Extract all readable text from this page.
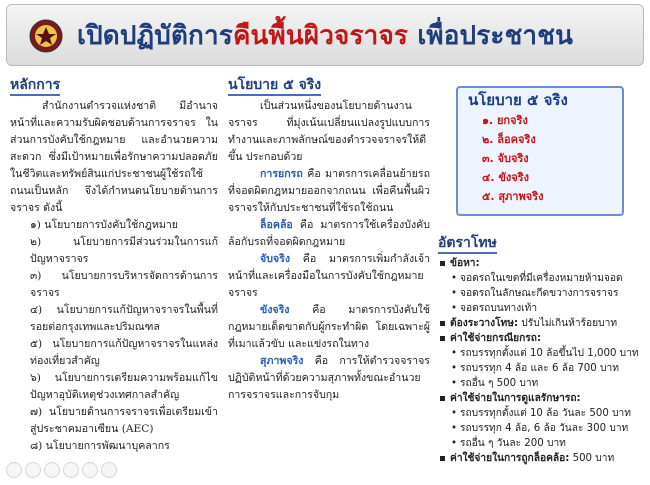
เปิดปฏิบัติการคืนพื้นผิวจราจร เพื่อประชาชน
หลักการ
สำนักงานตำรวจแห่งชาติ มีอำนาจหน้าที่และความรับผิดชอบด้านการจราจร ในส่วนการบังคับใช้กฎหมาย และอำนวยความสะดวก ซึ่งมีเป้าหมายเพื่อรักษาความปลอดภัยในชีวิตและทรัพย์สินแก่ประชาชนผู้ใช้รถใช้ถนนเป็นหลัก จึงได้กำหนดนโยบายด้านการจราจร ดังนี้
๑) นโยบายการบังคับใช้กฎหมาย
๒) นโยบายการมีส่วนร่วมในการแก้ปัญหาจราจร
๓) นโยบายการบริหารจัดการด้านการจราจร
๔) นโยบายการแก้ปัญหาจราจรในพื้นที่รอยต่อกรุงเทพและปริมณฑล
๕) นโยบายการแก้ปัญหาจราจรในแหล่งท่องเที่ยวสำคัญ
๖) นโยบายการเตรียมความพร้อมแก้ไขปัญหาอุบัติเหตุช่วงเทศกาลสำคัญ
๗) นโยบายด้านการจราจรเพื่อเตรียมเข้าสู่ประชาคมอาเซียน (AEC)
๘) นโยบายการพัฒนาบุคลากร
นโยบาย ๕ จริง
เป็นส่วนหนึ่งของนโยบายด้านงานจราจร ที่มุ่งเน้นเปลี่ยนแปลงรูปแบบการทำงานและภาพลักษณ์ของตำรวจจราจรให้ดีขึ้น ประกอบด้วย
การยกรถ คือ มาตรการเคลื่อนย้ายรถที่จอดผิดกฎหมายออกจากถนน เพื่อคืนพื้นผิวจราจรให้กับประชาชนที่ใช้รถใช้ถนน
ล็อคล้อ คือ มาตรการใช้เครื่องบังคับล้อกับรถที่จอดผิดกฎหมาย
จับจริง คือ มาตรการเพิ่มกำลังเจ้าหน้าที่และเครื่องมือในการบังคับใช้กฎหมายจราจร
ขังจริง คือ มาตรการบังคับใช้กฎหมายเด็ดขาดกับผู้กระทำผิด โดยเฉพาะผู้ที่เมาแล้วขับ และแข่งรถในทาง
สุภาพจริง คือ การให้ตำรวจจราจรปฏิบัติหน้าที่ด้วยความสุภาพทั้งขณะอำนวยการจราจรและการจับกุม
นโยบาย ๕ จริง
๑. ยกจริง
๒. ล็อคจริง
๓. จับจริง
๔. ขังจริง
๕. สุภาพจริง
อัตราโทษ
ข้อหา:
• จอดรถในเขตที่มีเครื่องหมายห้ามจอด
• จอดรถในลักษณะกีดขวางการจราจร
• จอดรถบนทางเท้า
ต้องระวางโทษ: ปรับไม่เกินห้าร้อยบาท
ค่าใช้จ่ายกรณียกรถ:
• รถบรรทุกตั้งแต่ 10 ล้อขึ้นไป 1,000 บาท
• รถบรรทุก 4 ล้อ และ 6 ล้อ 700 บาท
• รถอื่น ๆ 500 บาท
ค่าใช้จ่ายในการดูแลรักษารถ:
• รถบรรทุกตั้งแต่ 10 ล้อ วันละ 500 บาท
• รถบรรทุก 4 ล้อ, 6 ล้อ วันละ 300 บาท
• รถอื่น ๆ วันละ 200 บาท
ค่าใช้จ่ายในการถูกล็อคล้อ: 500 บาท
